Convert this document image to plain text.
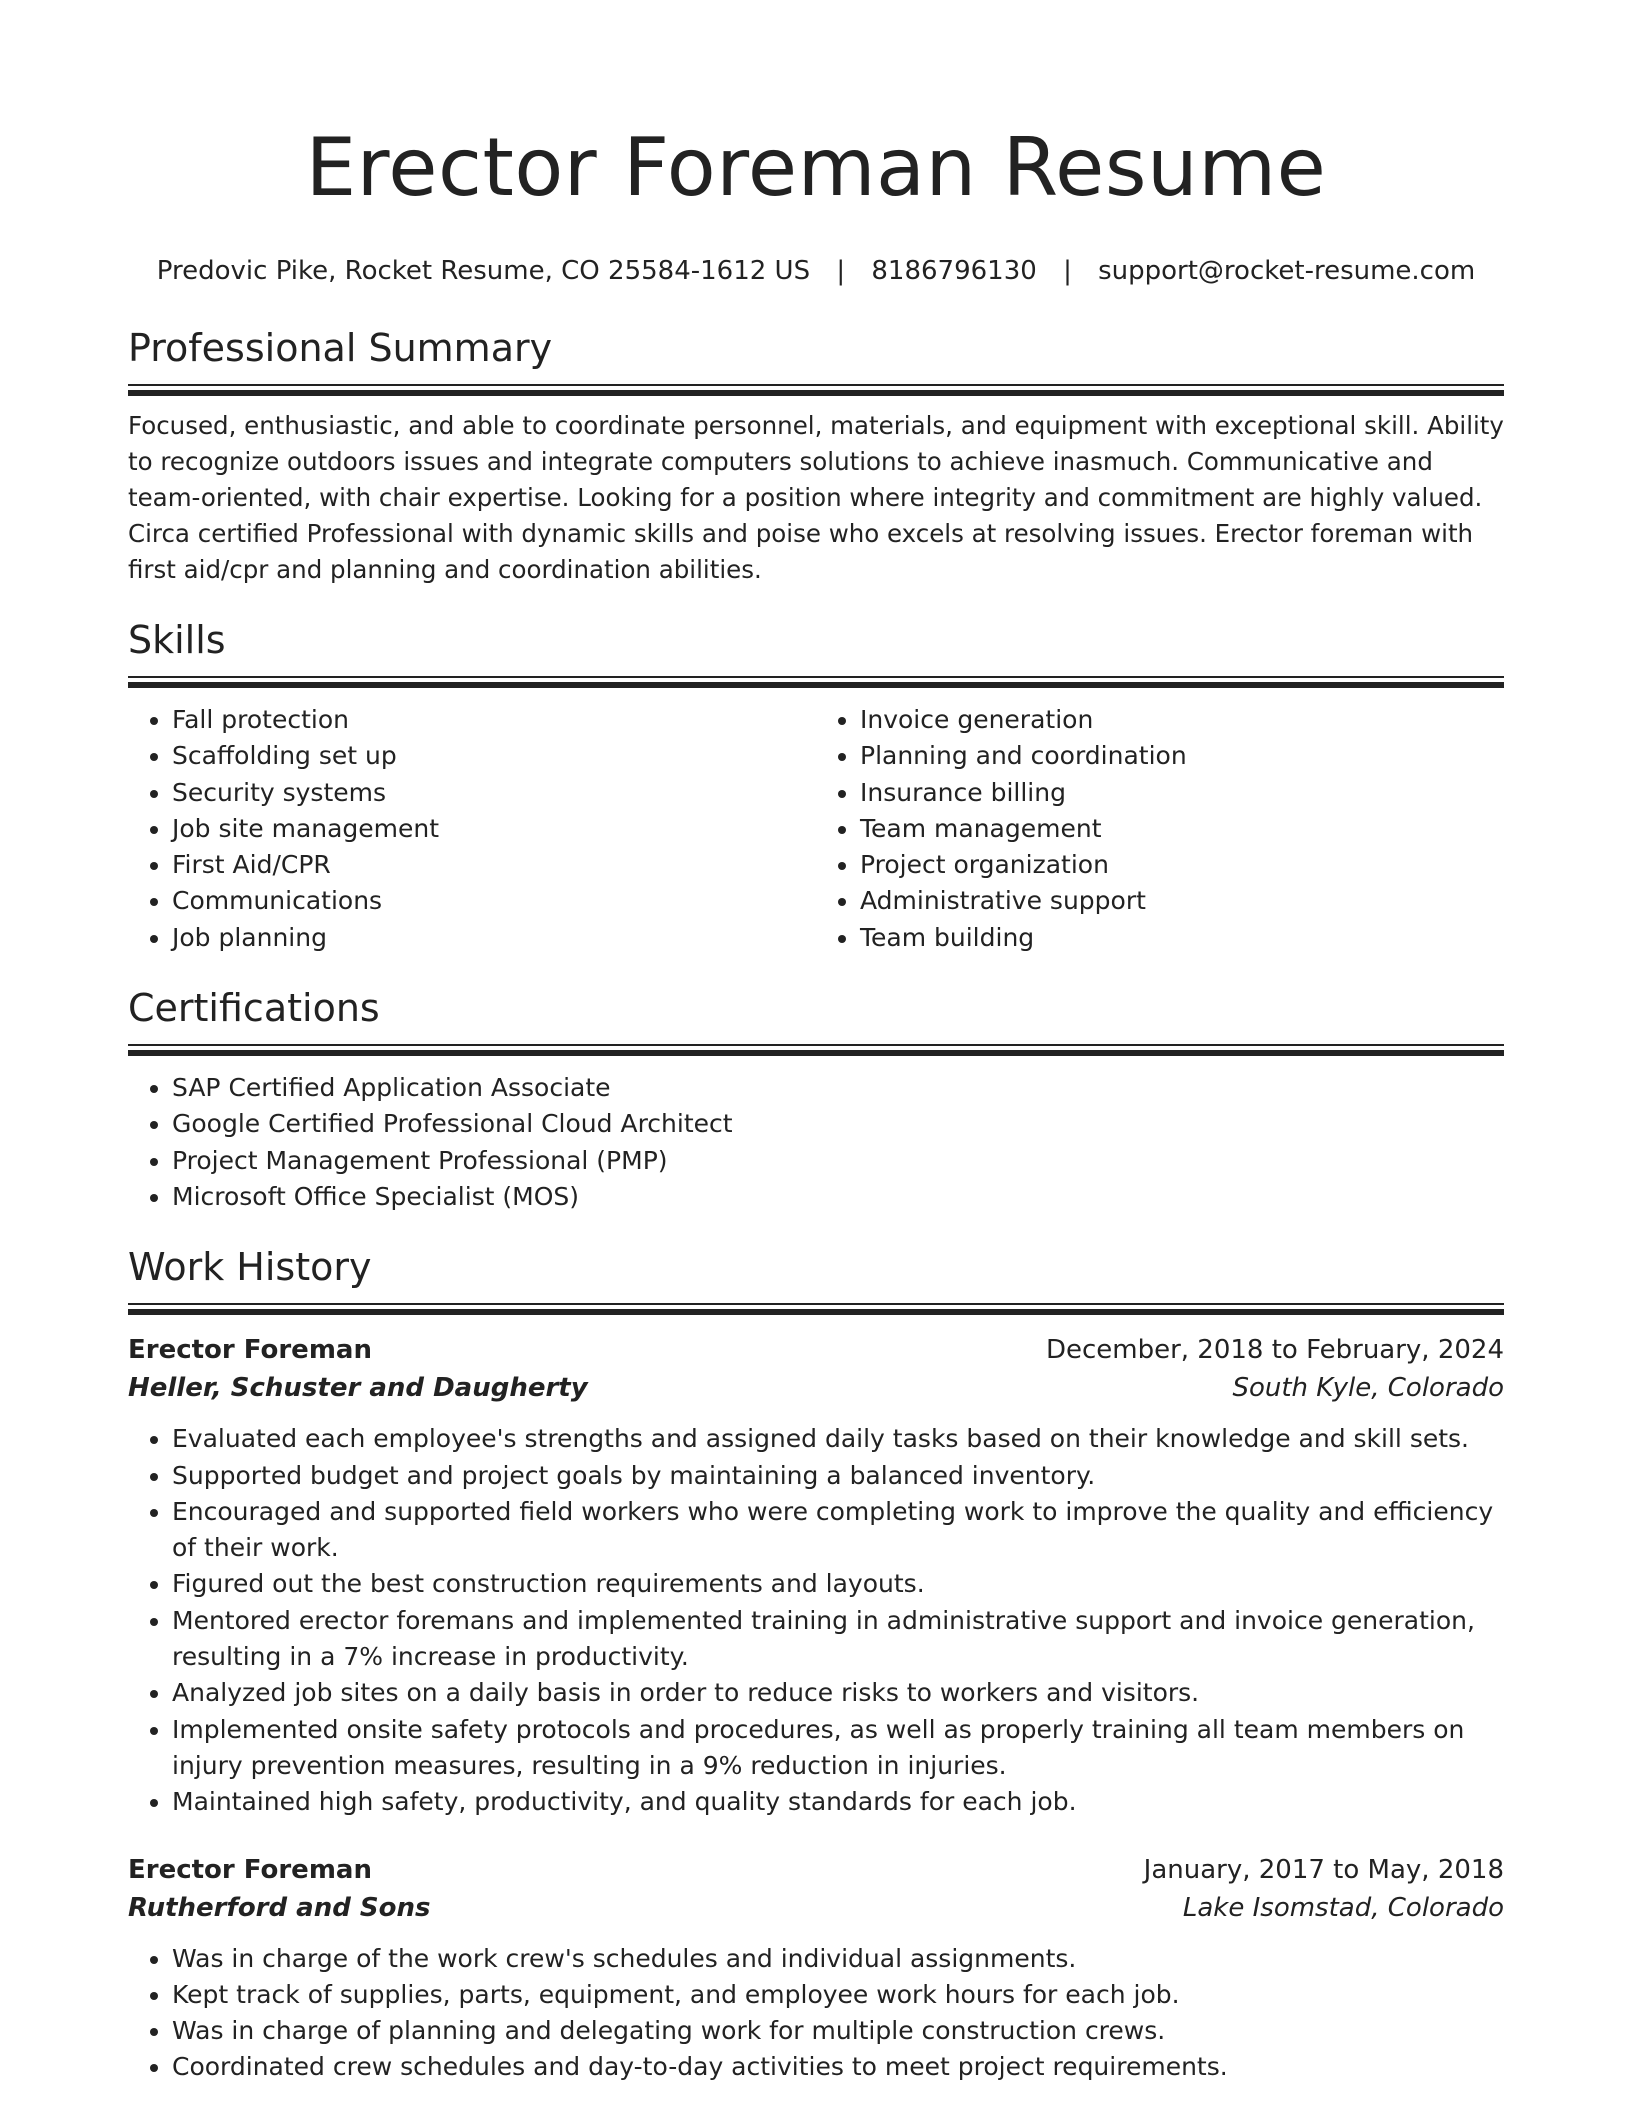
Erector Foreman Resume
Predovic Pike, Rocket Resume, CO 25584-1612 US | 8186796130 | support@rocket-resume.com
Professional Summary

Focused, enthusiastic, and able to coordinate personnel, materials, and equipment with exceptional skill. Ability to recognize outdoors issues and integrate computers solutions to achieve inasmuch. Communicative and team-oriented, with chair expertise. Looking for a position where integrity and commitment are highly valued. Circa certified Professional with dynamic skills and poise who excels at resolving issues. Erector foreman with first aid/cpr and planning and coordination abilities.

Skills
• Fall protection
• Scaffolding set up
• Security systems
• Job site management
• First Aid/CPR
• Communications
• Job planning
• Invoice generation
• Planning and coordination
• Insurance billing
• Team management
• Project organization
• Administrative support
• Team building
Certifications
• SAP Certified Application Associate
• Google Certified Professional Cloud Architect
• Project Management Professional (PMP)
• Microsoft Office Specialist (MOS)
Work History
Erector Foreman	December, 2018 to February, 2024
Heller, Schuster and Daugherty	South Kyle, Colorado
• Evaluated each employee's strengths and assigned daily tasks based on their knowledge and skill sets.
• Supported budget and project goals by maintaining a balanced inventory.
• Encouraged and supported field workers who were completing work to improve the quality and efficiency of their work.
• Figured out the best construction requirements and layouts.
• Mentored erector foremans and implemented training in administrative support and invoice generation, resulting in a 7% increase in productivity.
• Analyzed job sites on a daily basis in order to reduce risks to workers and visitors.
• Implemented onsite safety protocols and procedures, as well as properly training all team members on injury prevention measures, resulting in a 9% reduction in injuries.
• Maintained high safety, productivity, and quality standards for each job.
Erector Foreman	January, 2017 to May, 2018
Rutherford and Sons	Lake Isomstad, Colorado
• Was in charge of the work crew's schedules and individual assignments.
• Kept track of supplies, parts, equipment, and employee work hours for each job.
• Was in charge of planning and delegating work for multiple construction crews.
• Coordinated crew schedules and day-to-day activities to meet project requirements.
